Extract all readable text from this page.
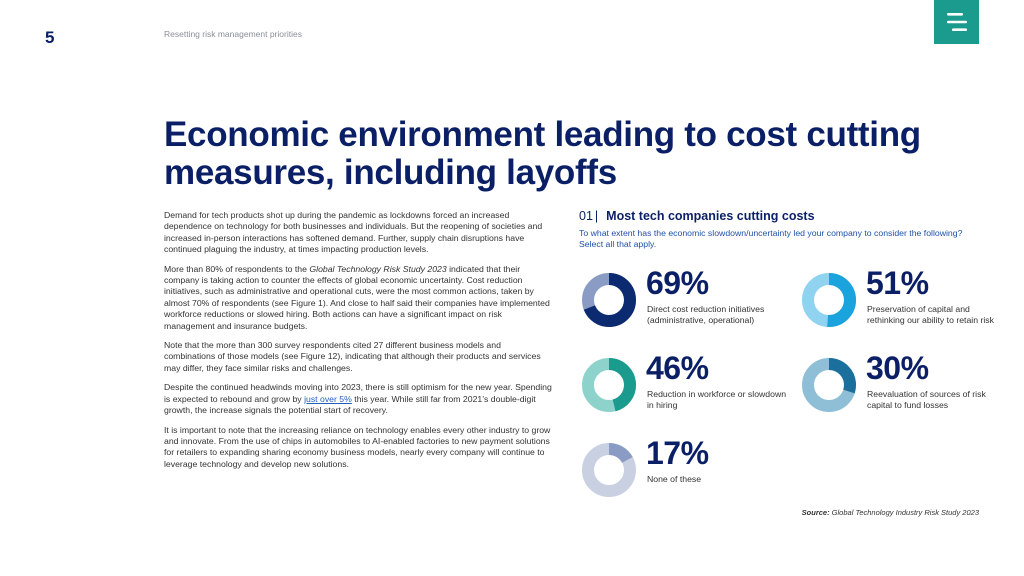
5	Resetting risk management priorities
Economic environment leading to cost cutting measures, including layoffs

Demand for tech products shot up during the pandemic as lockdowns forced an increased dependence on technology for both businesses and individuals. But the reopening of societies and increased in-person interactions has softened demand. Further, supply chain disruptions have continued plaguing the industry, at times impacting production levels.

More than 80% of respondents to the Global Technology Risk Study 2023 indicated that their company is taking action to counter the effects of global economic uncertainty. Cost reduction initiatives, such as administrative and operational cuts, were the most common actions, taken by almost 70% of respondents (see Figure 1). And close to half said their companies have implemented workforce reductions or slowed hiring. Both actions can have a significant impact on risk management and insurance budgets.

Note that the more than 300 survey respondents cited 27 different business models and combinations of those models (see Figure 12), indicating that although their products and services may differ, they face similar risks and challenges.

Despite the continued headwinds moving into 2023, there is still optimism for the new year. Spending is expected to rebound and grow by just over 5% this year. While still far from 2021’s double-digit growth, the increase signals the potential start of recovery.

It is important to note that the increasing reliance on technology enables every other industry to grow and innovate. From the use of chips in automobiles to AI-enabled factories to new payment solutions for retailers to expanding sharing economy business models, nearly every company will continue to leverage technology and develop new solutions.

01 | Most tech companies cutting costs
To what extent has the economic slowdown/uncertainty led your company to consider the following? Select all that apply.
69%
Direct cost reduction initiatives (administrative, operational)
51%
Preservation of capital and rethinking our ability to retain risk
46%
Reduction in workforce or slowdown in hiring
30%
Reevaluation of sources of risk capital to fund losses
17%
None of these
Source: Global Technology Industry Risk Study 2023
